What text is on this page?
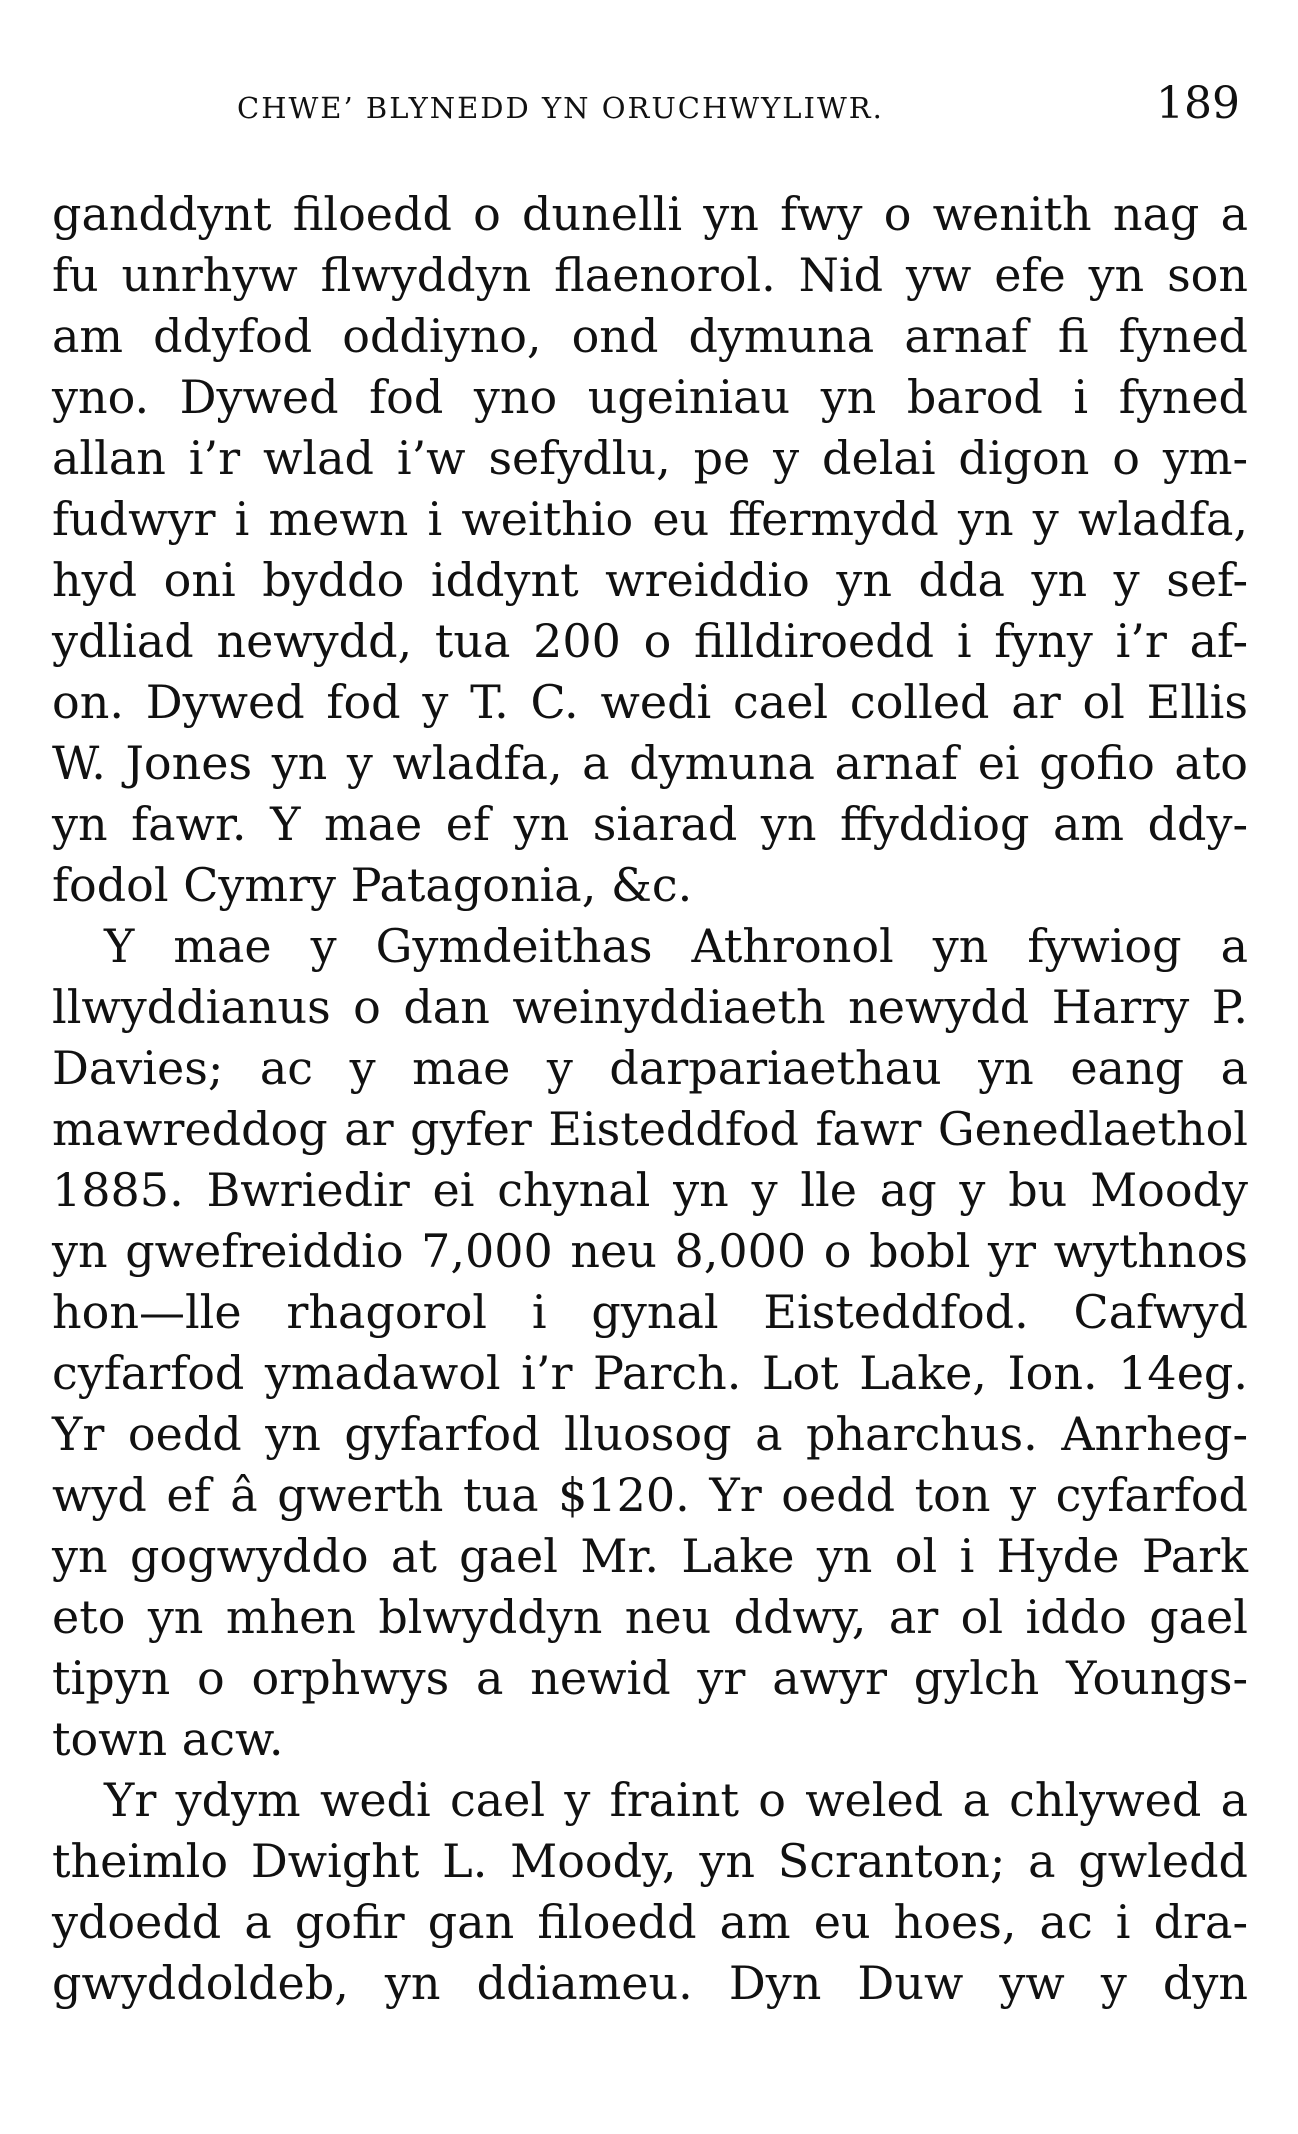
CHWE’ BLYNEDD YN ORUCHWYLIWR.	189
ganddynt filoedd o dunelli yn fwy o wenith nag a
fu unrhyw flwyddyn flaenorol. Nid yw efe yn son
am ddyfod oddiyno, ond dymuna arnaf fi fyned
yno. Dywed fod yno ugeiniau yn barod i fyned
allan i’r wlad i’w sefydlu, pe y delai digon o ym-
fudwyr i mewn i weithio eu ffermydd yn y wladfa,
hyd oni byddo iddynt wreiddio yn dda yn y sef-
ydliad newydd, tua 200 o filldiroedd i fyny i’r af-
on. Dywed fod y T. C. wedi cael colled ar ol Ellis
W. Jones yn y wladfa, a dymuna arnaf ei gofio ato
yn fawr. Y mae ef yn siarad yn ffyddiog am ddy-
fodol Cymry Patagonia, &c.
Y mae y Gymdeithas Athronol yn fywiog a
llwyddianus o dan weinyddiaeth newydd Harry P.
Davies; ac y mae y darpariaethau yn eang a
mawreddog ar gyfer Eisteddfod fawr Genedlaethol
1885. Bwriedir ei chynal yn y lle ag y bu Moody
yn gwefreiddio 7,000 neu 8,000 o bobl yr wythnos
hon—lle rhagorol i gynal Eisteddfod. Cafwyd
cyfarfod ymadawol i’r Parch. Lot Lake, Ion. 14eg.
Yr oedd yn gyfarfod lluosog a pharchus. Anrheg-
wyd ef â gwerth tua $120. Yr oedd ton y cyfarfod
yn gogwyddo at gael Mr. Lake yn ol i Hyde Park
eto yn mhen blwyddyn neu ddwy, ar ol iddo gael
tipyn o orphwys a newid yr awyr gylch Youngs-
town acw.
Yr ydym wedi cael y fraint o weled a chlywed a
theimlo Dwight L. Moody, yn Scranton; a gwledd
ydoedd a gofir gan filoedd am eu hoes, ac i dra-
gwyddoldeb, yn ddiameu. Dyn Duw yw y dyn
